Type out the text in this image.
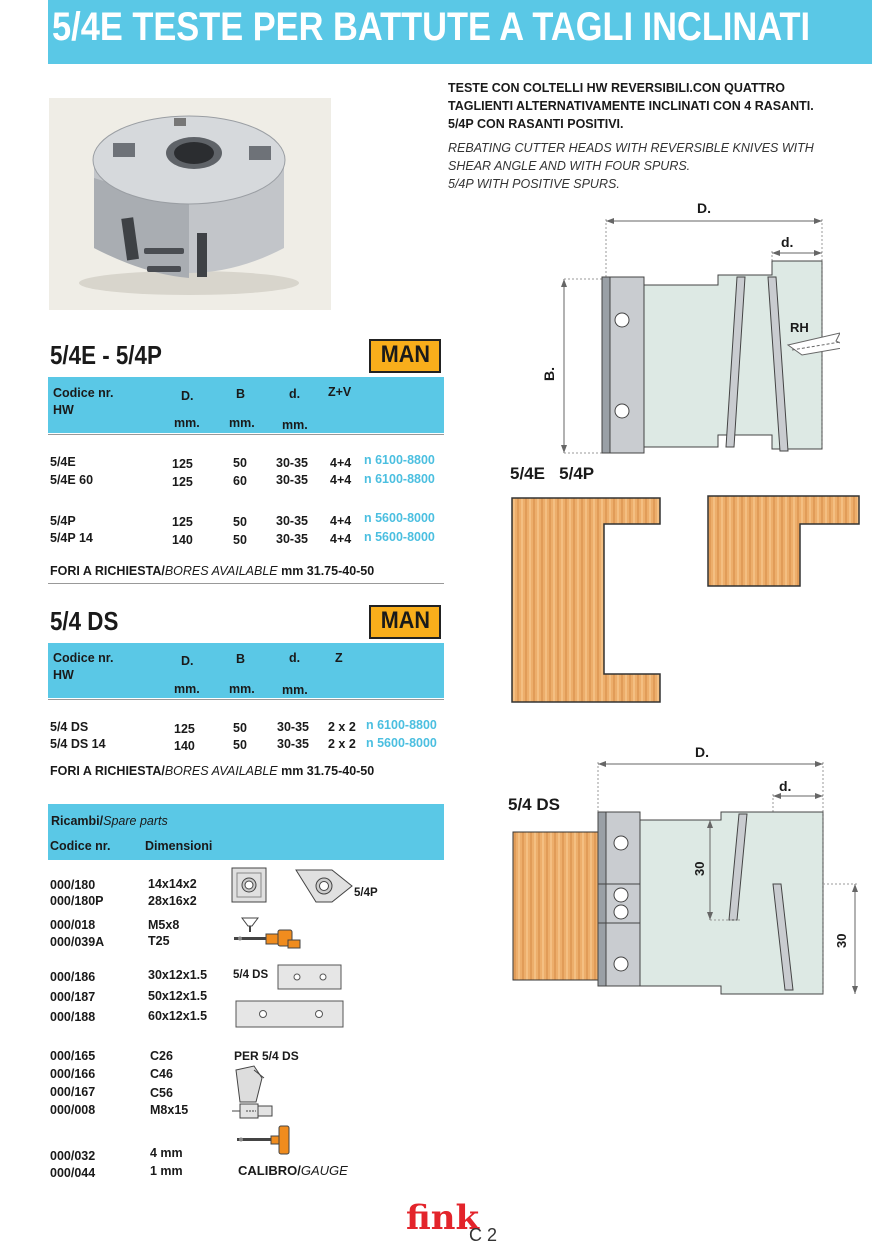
5/4E TESTE PER BATTUTE A TAGLI INCLINATI
TESTE CON COLTELLI HW REVERSIBILI.CON QUATTRO
TAGLIENTI ALTERNATIVAMENTE INCLINATI CON 4 RASANTI.
5/4P CON RASANTI POSITIVI.
REBATING CUTTER HEADS WITH REVERSIBLE KNIVES WITH
SHEAR ANGLE AND WITH FOUR SPURS.
5/4P WITH POSITIVE SPURS.
5/4E - 5/4P	MAN
Codice nr.
HW
D.	B	d. Z+V
mm. mm. mm.
5/4E	125	50 30-35 4+4 n 6100-8800
5/4E 60	125	60 30-35 4+4 n 6100-8800
5/4P	125	50 30-35 4+4 n 5600-8000
5/4P 14	140	50 30-35 4+4 n 5600-8000
FORI A RICHIESTA/BORES AVAILABLE mm 31.75-40-50
5/4 DS	MAN
Codice nr.
HW
D.	B	d.	Z
mm. mm. mm.
5/4 DS	125	50 30-35 2 x 2 n 6100-8800
5/4 DS 14	140	50 30-35 2 x 2 n 5600-8000
FORI A RICHIESTA/BORES AVAILABLE mm 31.75-40-50
Ricambi/Spare parts
Codice nr.	Dimensioni
000/180	14x14x2
000/180P	28x16x2
000/018	M5x8
000/039A	T25
000/186	30x12x1.5
000/187	50x12x1.5
000/188	60x12x1.5
000/165	C26
000/166	C46
000/167	C56
000/008	M8x15
000/032	4 mm
000/044	1 mm
5/4P
5/4 DS
PER 5/4 DS
CALIBRO/GAUGE
D.
d.
B.
RH
5/4E 5/4P
D.
d.
5/4 DS
30
30
fink
C 2
